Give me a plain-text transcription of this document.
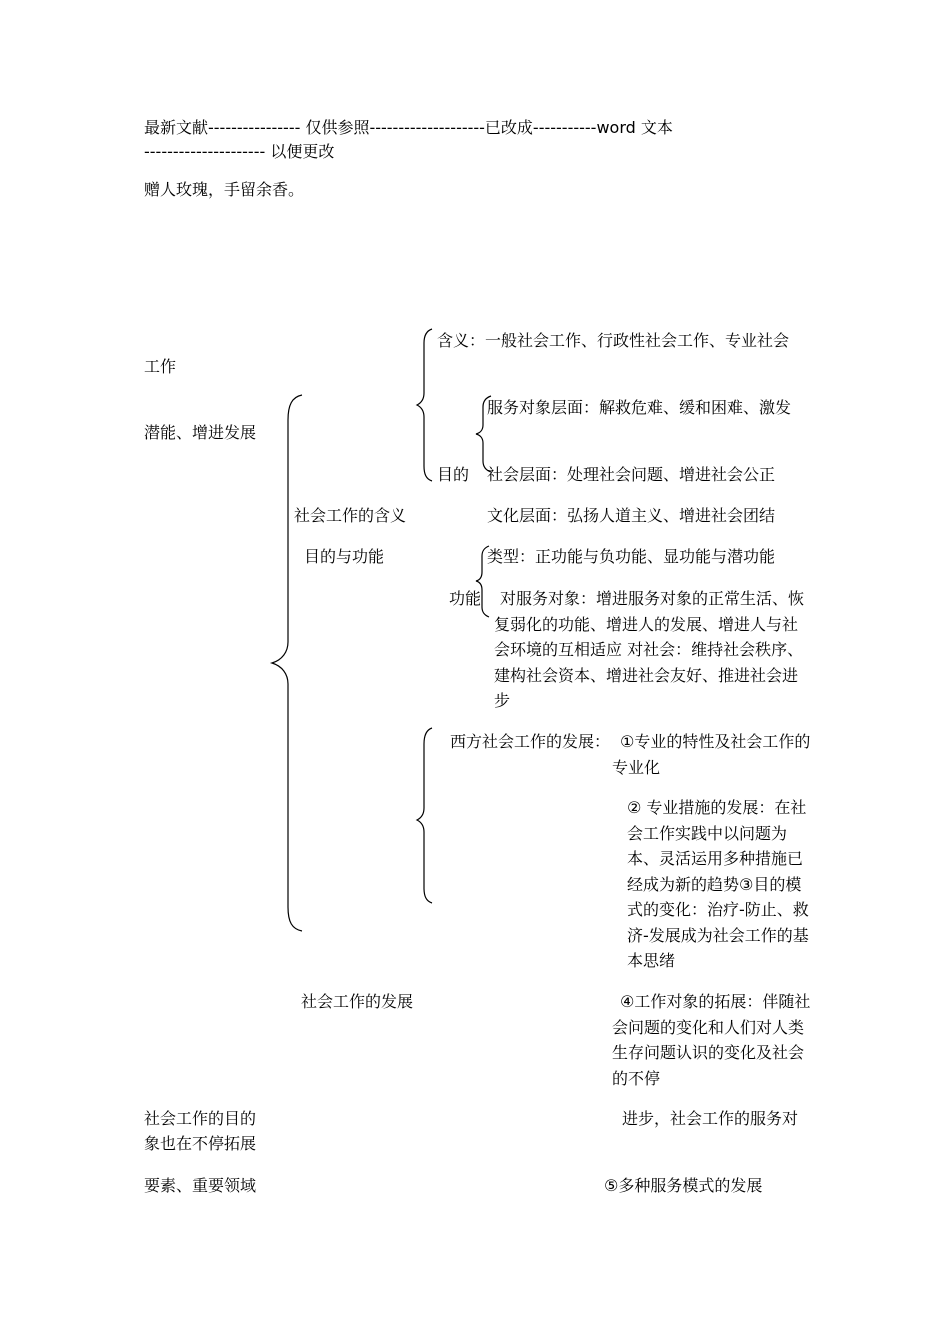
最新文献---------------- 仅供参照--------------------已改成-----------word 文本
--------------------- 以便更改
赠人玫瑰，手留余香。
工作
潜能、增进发展
社会工作的目的
象也在不停拓展
要素、重要领域
社会工作的含义
目的与功能
社会工作的发展
含义：一般社会工作、行政性社会工作、专业社会
服务对象层面：解救危难、缓和困难、激发
目的 社会层面：处理社会问题、增进社会公正
文化层面：弘扬人道主义、增进社会团结
类型：正功能与负功能、显功能与潜功能
功能	对服务对象：增进服务对象的正常生活、恢复弱化的功能、增进人的发展、增进人与社会环境的互相适应 对社会：维持社会秩序、建构社会资本、增进社会友好、推进社会进步
西方社会工作的发展： ①专业的特性及社会工作的专业化
② 专业措施的发展：在社会工作实践中以问题为本、灵活运用多种措施已经成为新的趋势③目的模式的变化：治疗-防止、救济-发展成为社会工作的基本思绪
④工作对象的拓展：伴随社会问题的变化和人们对人类生存问题认识的变化及社会的不停
进步，社会工作的服务对
⑤多种服务模式的发展
